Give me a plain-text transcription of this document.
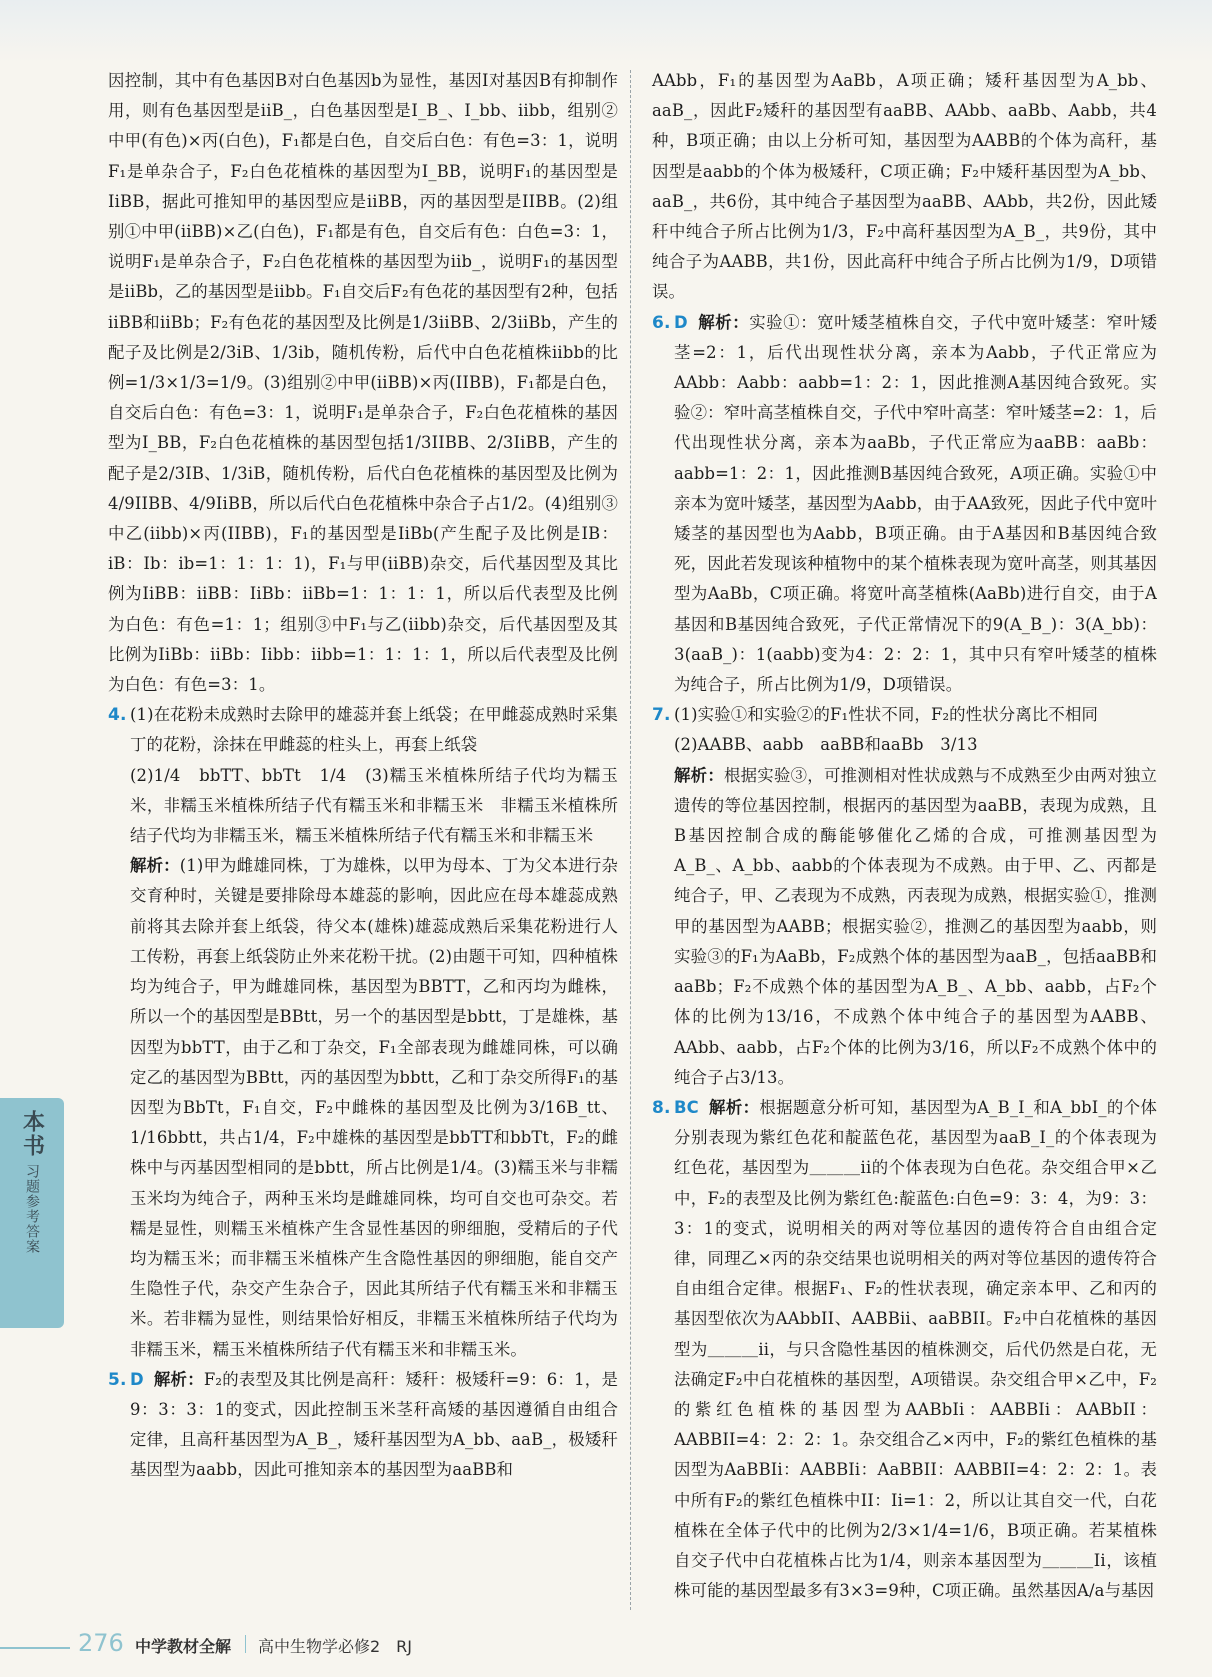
因控制，其中有色基因B对白色基因b为显性，基因I对基因B有抑制作用，则有色基因型是iiB_，白色基因型是I_B_、I_bb、iibb，组别②中甲(有色)×丙(白色)，F₁都是白色，自交后白色：有色=3：1，说明F₁是单杂合子，F₂白色花植株的基因型为I_BB，说明F₁的基因型是IiBB，据此可推知甲的基因型应是iiBB，丙的基因型是IIBB。(2)组别①中甲(iiBB)×乙(白色)，F₁都是有色，自交后有色：白色=3：1，说明F₁是单杂合子，F₂白色花植株的基因型为iib_，说明F₁的基因型是iiBb，乙的基因型是iibb。F₁自交后F₂有色花的基因型有2种，包括iiBB和iiBb；F₂有色花的基因型及比例是1/3iiBB、2/3iiBb，产生的配子及比例是2/3iB、1/3ib，随机传粉，后代中白色花植株iibb的比例=1/3×1/3=1/9。(3)组别②中甲(iiBB)×丙(IIBB)，F₁都是白色，自交后白色：有色=3：1，说明F₁是单杂合子，F₂白色花植株的基因型为I_BB，F₂白色花植株的基因型包括1/3IIBB、2/3IiBB，产生的配子是2/3IB、1/3iB，随机传粉，后代白色花植株的基因型及比例为4/9IIBB、4/9IiBB，所以后代白色花植株中杂合子占1/2。(4)组别③中乙(iibb)×丙(IIBB)，F₁的基因型是IiBb(产生配子及比例是IB：iB：Ib：ib=1：1：1：1)，F₁与甲(iiBB)杂交，后代基因型及其比例为IiBB：iiBB：IiBb：iiBb=1：1：1：1，所以后代表型及比例为白色：有色=1：1；组别③中F₁与乙(iibb)杂交，后代基因型及其比例为IiBb：iiBb：Iibb：iibb=1：1：1：1，所以后代表型及比例为白色：有色=3：1。

4. (1)在花粉未成熟时去除甲的雄蕊并套上纸袋；在甲雌蕊成熟时采集丁的花粉，涂抹在甲雌蕊的柱头上，再套上纸袋

(2)1/4　bbTT、bbTt　1/4　(3)糯玉米植株所结子代均为糯玉米，非糯玉米植株所结子代有糯玉米和非糯玉米　非糯玉米植株所结子代均为非糯玉米，糯玉米植株所结子代有糯玉米和非糯玉米

解析：(1)甲为雌雄同株，丁为雄株，以甲为母本、丁为父本进行杂交育种时，关键是要排除母本雄蕊的影响，因此应在母本雄蕊成熟前将其去除并套上纸袋，待父本(雄株)雄蕊成熟后采集花粉进行人工传粉，再套上纸袋防止外来花粉干扰。(2)由题干可知，四种植株均为纯合子，甲为雌雄同株，基因型为BBTT，乙和丙均为雌株，所以一个的基因型是BBtt，另一个的基因型是bbtt，丁是雄株，基因型为bbTT，由于乙和丁杂交，F₁全部表现为雌雄同株，可以确定乙的基因型为BBtt，丙的基因型为bbtt，乙和丁杂交所得F₁的基因型为BbTt，F₁自交，F₂中雌株的基因型及比例为3/16B_tt、1/16bbtt，共占1/4，F₂中雄株的基因型是bbTT和bbTt，F₂的雌株中与丙基因型相同的是bbtt，所占比例是1/4。(3)糯玉米与非糯玉米均为纯合子，两种玉米均是雌雄同株，均可自交也可杂交。若糯是显性，则糯玉米植株产生含显性基因的卵细胞，受精后的子代均为糯玉米；而非糯玉米植株产生含隐性基因的卵细胞，能自交产生隐性子代，杂交产生杂合子，因此其所结子代有糯玉米和非糯玉米。若非糯为显性，则结果恰好相反，非糯玉米植株所结子代均为非糯玉米，糯玉米植株所结子代有糯玉米和非糯玉米。

5. D 解析：F₂的表型及其比例是高秆：矮秆：极矮秆=9：6：1，是9：3：3：1的变式，因此控制玉米茎秆高矮的基因遵循自由组合定律，且高秆基因型为A_B_，矮秆基因型为A_bb、aaB_，极矮秆基因型为aabb，因此可推知亲本的基因型为aaBB和

AAbb，F₁的基因型为AaBb，A项正确；矮秆基因型为A_bb、aaB_，因此F₂矮秆的基因型有aaBB、AAbb、aaBb、Aabb，共4种，B项正确；由以上分析可知，基因型为AABB的个体为高秆，基因型是aabb的个体为极矮秆，C项正确；F₂中矮秆基因型为A_bb、aaB_，共6份，其中纯合子基因型为aaBB、AAbb，共2份，因此矮秆中纯合子所占比例为1/3，F₂中高秆基因型为A_B_，共9份，其中纯合子为AABB，共1份，因此高秆中纯合子所占比例为1/9，D项错误。

6. D 解析：实验①：宽叶矮茎植株自交，子代中宽叶矮茎：窄叶矮茎=2：1，后代出现性状分离，亲本为Aabb，子代正常应为AAbb：Aabb：aabb=1：2：1，因此推测A基因纯合致死。实验②：窄叶高茎植株自交，子代中窄叶高茎：窄叶矮茎=2：1，后代出现性状分离，亲本为aaBb，子代正常应为aaBB：aaBb：aabb=1：2：1，因此推测B基因纯合致死，A项正确。实验①中亲本为宽叶矮茎，基因型为Aabb，由于AA致死，因此子代中宽叶矮茎的基因型也为Aabb，B项正确。由于A基因和B基因纯合致死，因此若发现该种植物中的某个植株表现为宽叶高茎，则其基因型为AaBb，C项正确。将宽叶高茎植株(AaBb)进行自交，由于A基因和B基因纯合致死，子代正常情况下的9(A_B_)：3(A_bb)：3(aaB_)：1(aabb)变为4：2：2：1，其中只有窄叶矮茎的植株为纯合子，所占比例为1/9，D项错误。

7. (1)实验①和实验②的F₁性状不同，F₂的性状分离比不相同

(2)AABB、aabb　aaBB和aaBb　3/13

解析：根据实验③，可推测相对性状成熟与不成熟至少由两对独立遗传的等位基因控制，根据丙的基因型为aaBB，表现为成熟，且B基因控制合成的酶能够催化乙烯的合成，可推测基因型为A_B_、A_bb、aabb的个体表现为不成熟。由于甲、乙、丙都是纯合子，甲、乙表现为不成熟，丙表现为成熟，根据实验①，推测甲的基因型为AABB；根据实验②，推测乙的基因型为aabb，则实验③的F₁为AaBb，F₂成熟个体的基因型为aaB_，包括aaBB和aaBb；F₂不成熟个体的基因型为A_B_、A_bb、aabb，占F₂个体的比例为13/16，不成熟个体中纯合子的基因型为AABB、AAbb、aabb，占F₂个体的比例为3/16，所以F₂不成熟个体中的纯合子占3/13。

8. BC 解析：根据题意分析可知，基因型为A_B_I_和A_bbI_的个体分别表现为紫红色花和靛蓝色花，基因型为aaB_I_的个体表现为红色花，基因型为＿＿＿ii的个体表现为白色花。杂交组合甲×乙中，F₂的表型及比例为紫红色:靛蓝色:白色=9：3：4，为9：3：3：1的变式，说明相关的两对等位基因的遗传符合自由组合定律，同理乙×丙的杂交结果也说明相关的两对等位基因的遗传符合自由组合定律。根据F₁、F₂的性状表现，确定亲本甲、乙和丙的基因型依次为AAbbII、AABBii、aaBBII。F₂中白花植株的基因型为＿＿＿ii，与只含隐性基因的植株测交，后代仍然是白花，无法确定F₂中白花植株的基因型，A项错误。杂交组合甲×乙中，F₂的紫红色植株的基因型为AABbIi：AABBIi：AABbII：AABBII=4：2：2：1。杂交组合乙×丙中，F₂的紫红色植株的基因型为AaBBIi：AABBIi：AaBBII：AABBII=4：2：2：1。表中所有F₂的紫红色植株中II：Ii=1：2，所以让其自交一代，白花植株在全体子代中的比例为2/3×1/4=1/6，B项正确。若某植株自交子代中白花植株占比为1/4，则亲本基因型为＿＿＿Ii，该植株可能的基因型最多有3×3=9种，C项正确。虽然基因A/a与基因

本书
习题参考答案
276 中学教材全解 高中生物学必修2　RJ
